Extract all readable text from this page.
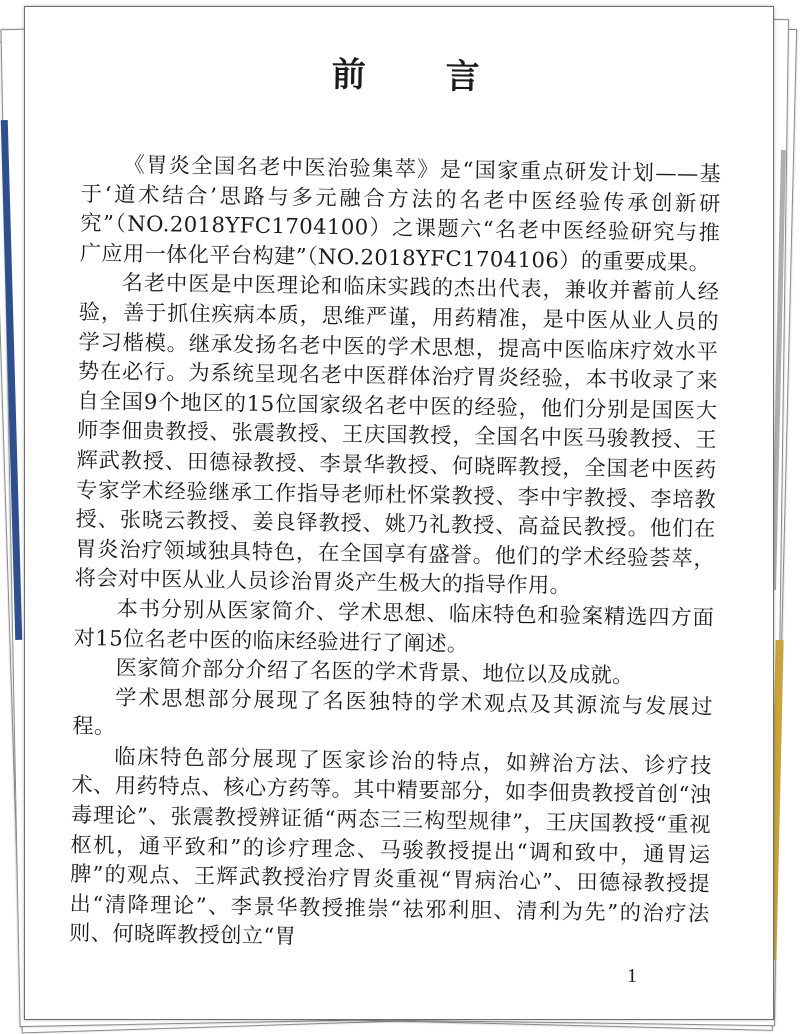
前 言

《胃炎全国名老中医治验集萃》是“国家重点研发计划——基于‘道术结合’思路与多元融合方法的名老中医经验传承创新研究”（NO.2018YFC1704100）之课题六“名老中医经验研究与推广应用一体化平台构建”（NO.2018YFC1704106）的重要成果。

名老中医是中医理论和临床实践的杰出代表，兼收并蓄前人经验，善于抓住疾病本质，思维严谨，用药精准，是中医从业人员的学习楷模。继承发扬名老中医的学术思想，提高中医临床疗效水平势在必行。为系统呈现名老中医群体治疗胃炎经验，本书收录了来自全国9个地区的15位国家级名老中医的经验，他们分别是国医大师李佃贵教授、张震教授、王庆国教授，全国名中医马骏教授、王辉武教授、田德禄教授、李景华教授、何晓晖教授，全国老中医药专家学术经验继承工作指导老师杜怀棠教授、李中宇教授、李培教授、张晓云教授、姜良铎教授、姚乃礼教授、高益民教授。他们在胃炎治疗领域独具特色，在全国享有盛誉。他们的学术经验荟萃，将会对中医从业人员诊治胃炎产生极大的指导作用。

本书分别从医家简介、学术思想、临床特色和验案精选四方面对15位名老中医的临床经验进行了阐述。

医家简介部分介绍了名医的学术背景、地位以及成就。

学术思想部分展现了名医独特的学术观点及其源流与发展过程。

临床特色部分展现了医家诊治的特点，如辨治方法、诊疗技术、用药特点、核心方药等。其中精要部分，如李佃贵教授首创“浊毒理论”、张震教授辨证循“两态三三构型规律”，王庆国教授“重视枢机，通平致和”的诊疗理念、马骏教授提出“调和致中，通胃运脾”的观点、王辉武教授治疗胃炎重视“胃病治心”、田德禄教授提出“清降理论”、李景华教授推崇“祛邪利胆、清利为先”的治疗法则、何晓晖教授创立“胃

1
